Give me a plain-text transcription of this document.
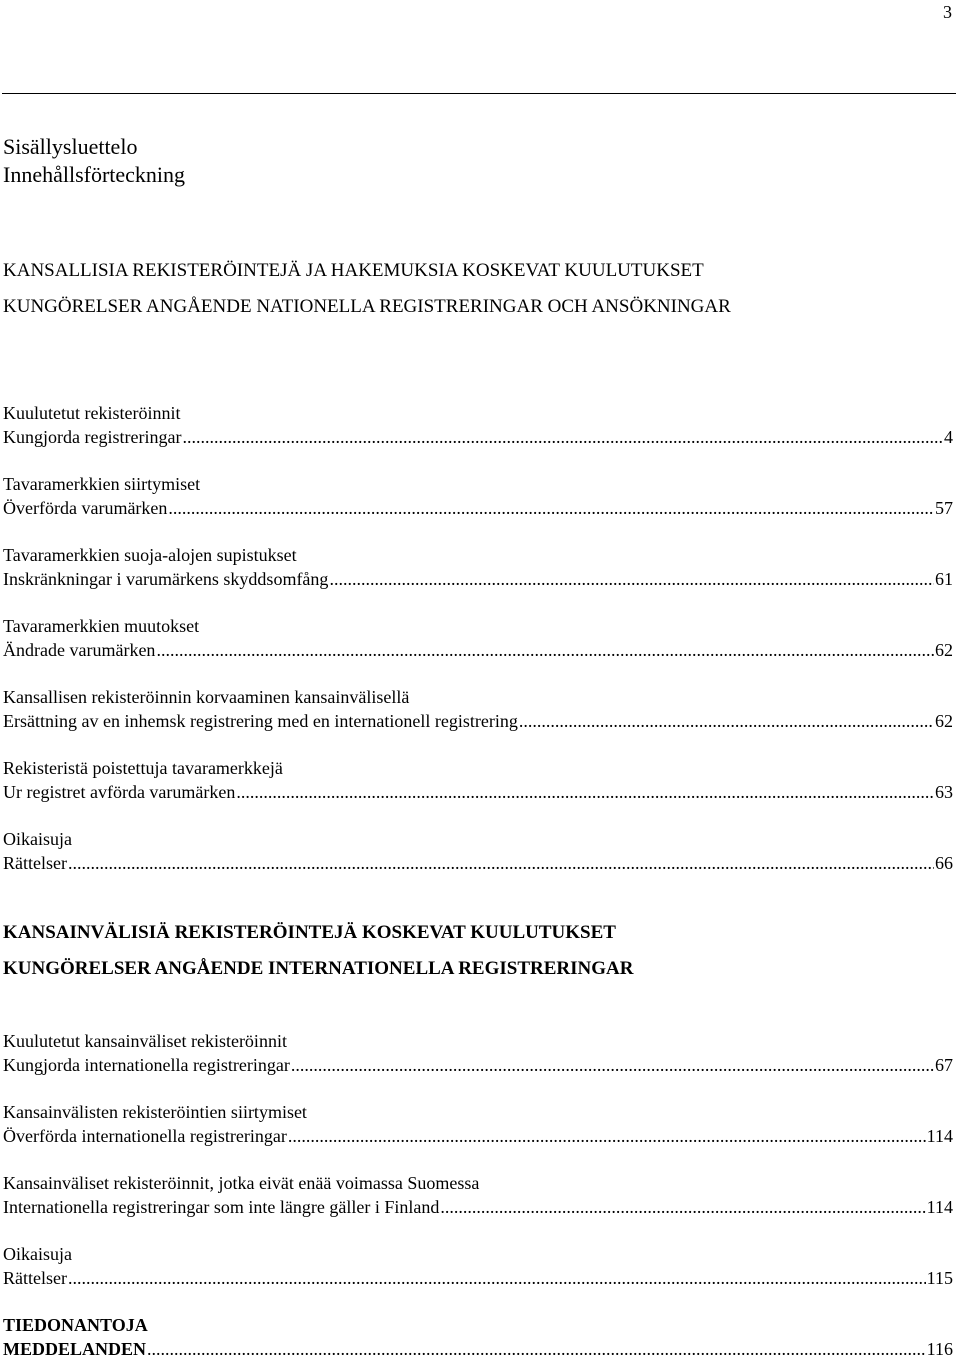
3
Sisällysluettelo
Innehållsförteckning
KANSALLISIA REKISTERÖINTEJÄ JA HAKEMUKSIA KOSKEVAT KUULUTUKSET
KUNGÖRELSER ANGÅENDE NATIONELLA REGISTRERINGAR OCH ANSÖKNINGAR
Kuulutetut rekisteröinnit
Kungjorda registreringar .....	4
Tavaramerkkien siirtymiset
Överförda varumärken .....	57
Tavaramerkkien suoja-alojen supistukset
Inskränkningar i varumärkens skyddsomfång .....	61
Tavaramerkkien muutokset
Ändrade varumärken .....	62
Kansallisen rekisteröinnin korvaaminen kansainvälisellä
Ersättning av en inhemsk registrering med en internationell registrering .....	62
Rekisteristä poistettuja tavaramerkkejä
Ur registret avförda varumärken .....	63
Oikaisuja
Rättelser .....	66
KANSAINVÄLISIÄ REKISTERÖINTEJÄ KOSKEVAT KUULUTUKSET
KUNGÖRELSER ANGÅENDE INTERNATIONELLA REGISTRERINGAR
Kuulutetut kansainväliset rekisteröinnit
Kungjorda internationella registreringar .....	67
Kansainvälisten rekisteröintien siirtymiset
Överförda internationella registreringar .....	114
Kansainväliset rekisteröinnit, jotka eivät enää voimassa Suomessa
Internationella registreringar som inte längre gäller i Finland .....	114
Oikaisuja
Rättelser .....	115
TIEDONANTOJA
MEDDELANDEN .....	116
